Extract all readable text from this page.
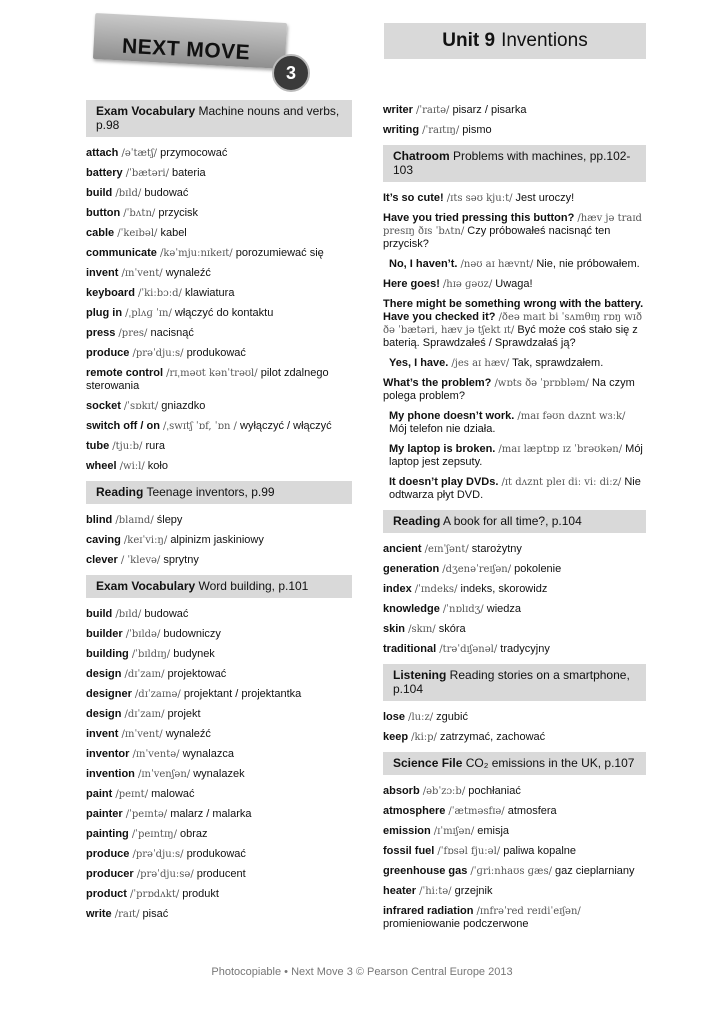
NEXT MOVE
3
Unit 9 Inventions
Exam Vocabulary Machine nouns and verbs, p.98
attach /əˈtætʃ/ przymocować
battery /ˈbætəri/ bateria
build /bɪld/ budować
button /ˈbʌtn/ przycisk
cable /ˈkeɪbəl/ kabel
communicate /kəˈmjuːnɪkeɪt/ porozumiewać się
invent /ɪnˈvent/ wynaleźć
keyboard /ˈkiːbɔːd/ klawiatura
plug in /ˌplʌɡ ˈɪn/ włączyć do kontaktu
press /pres/ nacisnąć
produce /prəˈdjuːs/ produkować
remote control /rɪˌməʊt kənˈtrəʊl/ pilot zdalnego sterowania
socket /ˈsɒkɪt/ gniazdko
switch off / on /ˌswɪtʃ ˈɒf, ˈɒn / wyłączyć / włączyć
tube /tjuːb/ rura
wheel /wiːl/ koło
Reading Teenage inventors, p.99
blind /blaɪnd/ ślepy
caving /keɪˈviːŋ/ alpinizm jaskiniowy
clever / ˈklevə/ sprytny
Exam Vocabulary Word building, p.101
build /bɪld/ budować
builder /ˈbɪldə/ budowniczy
building /ˈbɪldɪŋ/ budynek
design /dɪˈzaɪn/ projektować
designer /dɪˈzaɪnə/ projektant / projektantka
design /dɪˈzaɪn/ projekt
invent /ɪnˈvent/ wynaleźć
inventor /ɪnˈventə/ wynalazca
invention /ɪnˈvenʃən/ wynalazek
paint /peɪnt/ malować
painter /ˈpeɪntə/ malarz / malarka
painting /ˈpeɪntɪŋ/ obraz
produce /prəˈdjuːs/ produkować
producer /prəˈdjuːsə/ producent
product /ˈprɒdʌkt/ produkt
write /raɪt/ pisać
writer /ˈraɪtə/ pisarz / pisarka
writing /ˈraɪtɪŋ/ pismo
Chatroom Problems with machines, pp.102-103
It’s so cute! /ɪts səʊ kjuːt/ Jest uroczy!
Have you tried pressing this button? /hæv jə traɪd presɪŋ ðɪs ˈbʌtn/ Czy próbowałeś nacisnąć ten przycisk?
No, I haven’t. /nəʊ aɪ hævnt/ Nie, nie próbowałem.
Here goes! /hɪə ɡəʊz/ Uwaga!
There might be something wrong with the battery. Have you checked it? /ðeə maɪt bi ˈsʌmθɪŋ rɒŋ wɪð ðə ˈbætəri, hæv jə tʃekt ɪt/ Być może coś stało się z baterią. Sprawdzałeś / Sprawdzałaś ją?
Yes, I have. /jes aɪ hæv/ Tak, sprawdzałem.
What’s the problem? /wɒts ðə ˈprɒbləm/ Na czym polega problem?
My phone doesn’t work. /maɪ fəʊn dʌznt wɜːk/ Mój telefon nie działa.
My laptop is broken. /maɪ læptɒp ɪz ˈbrəʊkən/ Mój laptop jest zepsuty.
It doesn’t play DVDs. /ɪt dʌznt pleɪ diː viː diːz/ Nie odtwarza płyt DVD.
Reading A book for all time?, p.104
ancient /eɪnˈʃənt/ starożytny
generation /dʒenəˈreɪʃən/ pokolenie
index /ˈɪndeks/ indeks, skorowidz
knowledge /ˈnɒlɪdʒ/ wiedza
skin /skɪn/ skóra
traditional /trəˈdɪʃənəl/ tradycyjny
Listening Reading stories on a smartphone, p.104
lose /luːz/ zgubić
keep /kiːp/ zatrzymać, zachować
Science File CO₂ emissions in the UK, p.107
absorb /əbˈzɔːb/ pochłaniać
atmosphere /ˈætməsfɪə/ atmosfera
emission /ɪˈmɪʃən/ emisja
fossil fuel /ˈfɒsəl fjuːəl/ paliwa kopalne
greenhouse gas /ˈɡriːnhaʊs ɡæs/ gaz cieplarniany
heater /ˈhiːtə/ grzejnik
infrared radiation /ɪnfrəˈred reɪdiˈeɪʃən/ promieniowanie podczerwone
Photocopiable • Next Move 3 © Pearson Central Europe 2013
